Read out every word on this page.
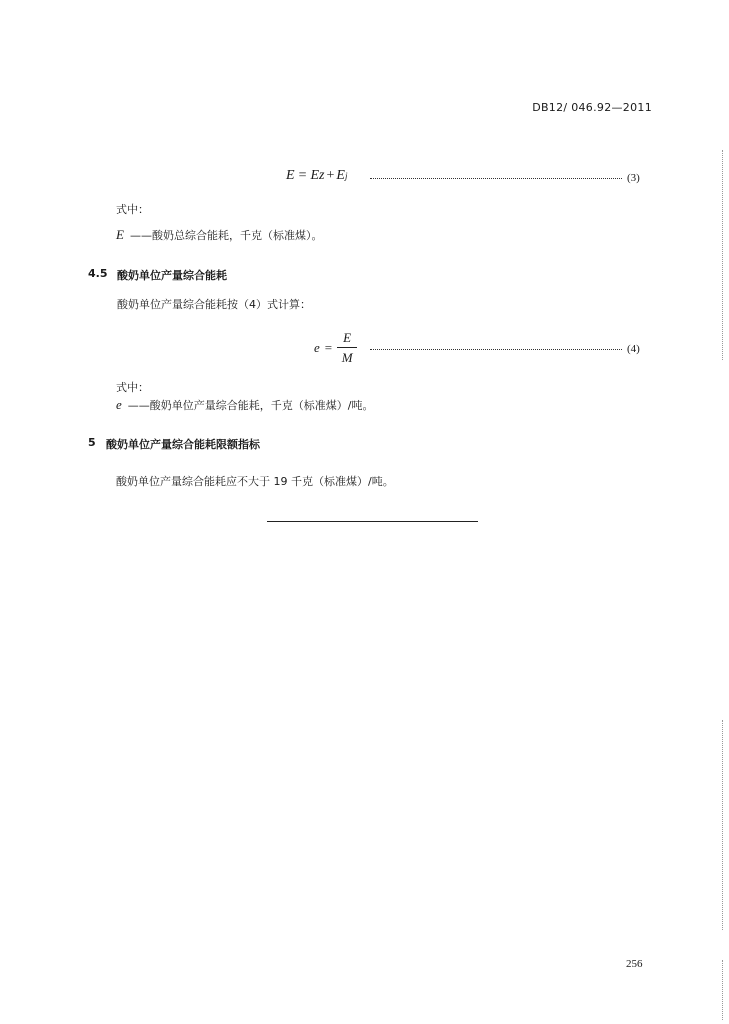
DB12/ 046.92—2011
E = Ez + E j	(3)
式中：
E ——酸奶总综合能耗，千克（标准煤）。
4.5 酸奶单位产量综合能耗
酸奶单位产量综合能耗按（4）式计算：
$e = \frac{E}{M}$	(4)
式中：
e ——酸奶单位产量综合能耗，千克（标准煤）/吨。
5 酸奶单位产量综合能耗限额指标
酸奶单位产量综合能耗应不大于 19 千克（标准煤）/吨。
256
